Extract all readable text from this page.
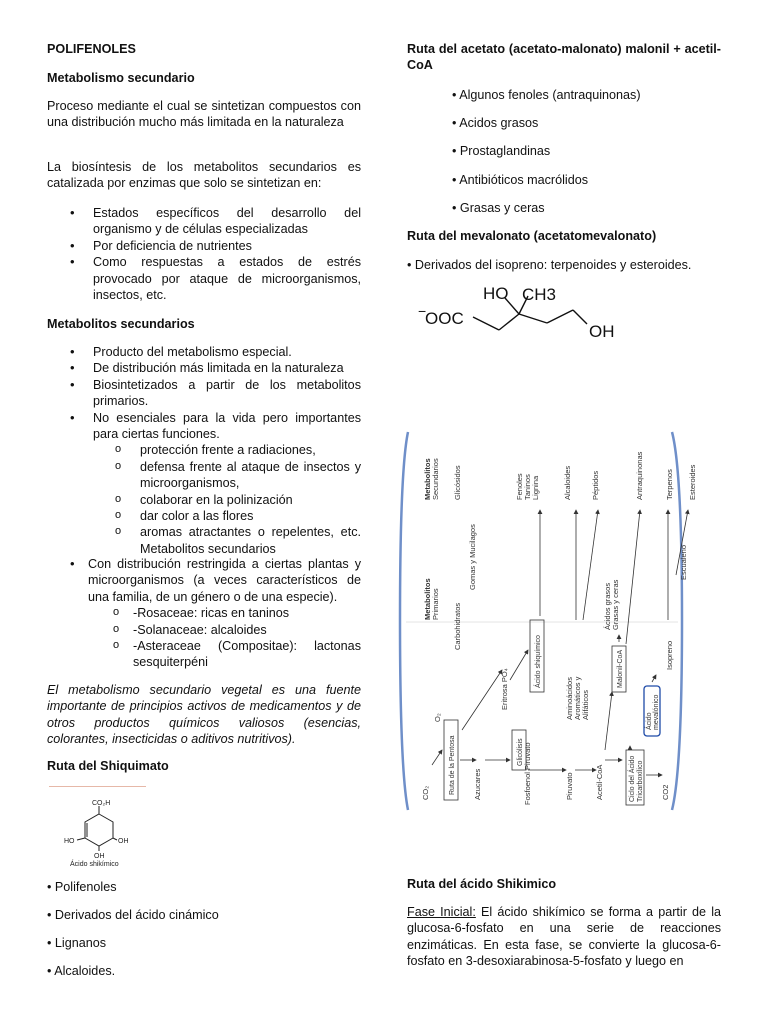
POLIFENOLES
Metabolismo secundario

Proceso mediante el cual se sintetizan compuestos con una distribución mucho más limitada en la naturaleza

La biosíntesis de los metabolitos secundarios es catalizada por enzimas que solo se sintetizan en:

• Estados específicos del desarrollo del organismo y de células especializadas
• Por deficiencia de nutrientes
• Como respuestas a estados de estrés provocado por ataque de microorganismos, insectos, etc.
Metabolitos secundarios
• Producto del metabolismo especial.
• De distribución más limitada en la naturaleza
• Biosintetizados a partir de los metabolitos primarios.
• No esenciales para la vida pero importantes para ciertas funciones.
o protección frente a radiaciones,
o defensa frente al ataque de insectos y microorganismos,
o colaborar en la polinización
o dar color a las flores
o aromas atractantes o repelentes, etc. Metabolitos secundarios
• Con distribución restringida a ciertas plantas y microorganismos (a veces característicos de una familia, de un género o de una especie).
o -Rosaceae: ricas en taninos
o -Solanaceae: alcaloides
o -Asteraceae (Compositae): lactonas sesquiterpéni

El metabolismo secundario vegetal es una fuente importante de principios activos de medicamentos y de otros productos químicos valiosos (esencias, colorantes, insecticidas o aditivos nutritivos).

Ruta del Shiquimato
CO₂H
HO	OH
OH
Ácido shikímico

• Polifenoles

• Derivados del ácido cinámico

• Lignanos

• Alcaloides.

Ruta del acetato (acetato-malonato) malonil + acetil-CoA

• Algunos fenoles (antraquinonas)

• Acidos grasos

• Prostaglandinas

• Antibióticos macrólidos

• Grasas y ceras

Ruta del mevalonato (acetatomevalonato)

• Derivados del isopreno: terpenoides y esteroides.

−
OOC
HO CH3
OH
Metabolitos Secundarios
Metabolitos Primarios
Glicósidos
Carbohidratos
Gomas y Mucilagos
CO₂
O₂
Azucares
Eritrosa PO₄
Fosfoenol Piruvato
Fenoles Taninos Lignina	Alcaloides	Péptidos
Aminoácidos Aromáticos y Alifáticos
Piruvato	Acetil-CoA
Ácidos grasos Grasas y ceras
Antraquinonas	Terpenos Esteroides
Isopreno
Escualeno
CO2
Ruta de la Pentosa	Glicólisis
Ácido shiquímico	Malonil-CoA
Ciclo del Ácido Tricarboxílico
Ácido mevalónico
Ruta del ácido Shikimico

Fase Inicial: El ácido shikímico se forma a partir de la glucosa-6-fosfato en una serie de reacciones enzimáticas. En esta fase, se convierte la glucosa-6-fosfato en 3-desoxiarabinosa-5-fosfato y luego en
